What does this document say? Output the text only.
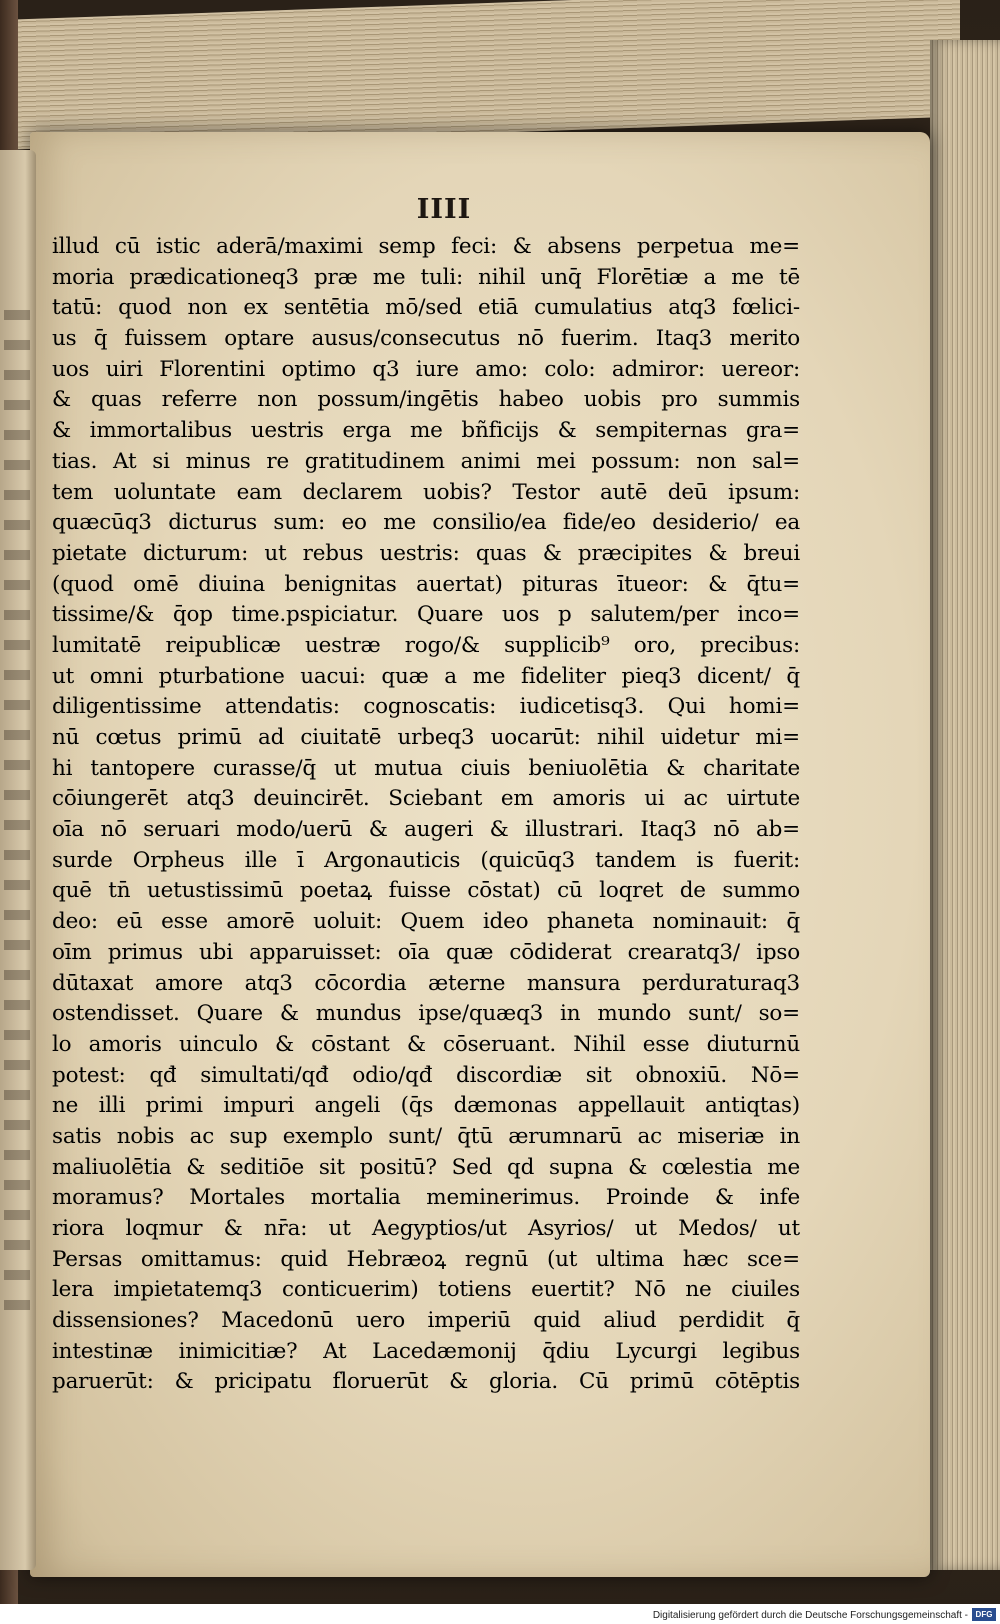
IIII
illud cū istic aderā/maximi semp feci: & absens perpetua me=
moria prædicationeq3 præ me tuli: nihil unq̄ Florētiæ a me tē
tatū: quod non ex sentētia mō/sed etiā cumulatius atq3 fœlici-
us q̄ fuissem optare ausus/consecutus nō fuerim. Itaq3 merito
uos uiri Florentini optimo q3 iure amo: colo: admiror: uereor:
& quas referre non possum/ingētis habeo uobis pro summis
& immortalibus uestris erga me bñficijs & sempiternas gra=
tias. At si minus re gratitudinem animi mei possum: non sal=
tem uoluntate eam declarem uobis? Testor autē deū ipsum:
quæcūq3 dicturus sum: eo me consilio/ea fide/eo desiderio/ ea
pietate dicturum: ut rebus uestris: quas & præcipites & breui
(quod omē diuina benignitas auertat) pituras ītueor: & q̄tu=
tissime/& q̄op time.pspiciatur. Quare uos p salutem/per inco=
lumitatē reipublicæ uestræ rogo/& supplicib⁹ oro, precibus:
ut omni pturbatione uacui: quæ a me fideliter pieq3 dicent/ q̄
diligentissime attendatis: cognoscatis: iudicetisq3. Qui homi=
nū cœtus primū ad ciuitatē urbeq3 uocarūt: nihil uidetur mi=
hi tantopere curasse/q̄ ut mutua ciuis beniuolētia & charitate
cōiungerēt atq3 deuincirēt. Sciebant em amoris ui ac uirtute
oīa nō seruari modo/uerū & augeri & illustrari. Itaq3 nō ab=
surde Orpheus ille ī Argonauticis (quicūq3 tandem is fuerit:
quē tn̄ uetustissimū poetaꝝ fuisse cōstat) cū loqret de summo
deo: eū esse amorē uoluit: Quem ideo phaneta nominauit: q̄
oīm primus ubi apparuisset: oīa quæ cōdiderat crearatq3/ ipso
dūtaxat amore atq3 cōcordia æterne mansura perduraturaq3
ostendisset. Quare & mundus ipse/quæq3 in mundo sunt/ so=
lo amoris uinculo & cōstant & cōseruant. Nihil esse diuturnū
potest: qđ simultati/qđ odio/qđ discordiæ sit obnoxiū. Nō=
ne illi primi impuri angeli (q̄s dæmonas appellauit antiqtas)
satis nobis ac sup exemplo sunt/ q̄tū ærumnarū ac miseriæ in
maliuolētia & seditiōe sit positū? Sed qd supna & cœlestia me
moramus? Mortales mortalia meminerimus. Proinde & infe
riora loqmur & nr̄a: ut Aegyptios/ut Asyrios/ ut Medos/ ut
Persas omittamus: quid Hebræoꝝ regnū (ut ultima hæc sce=
lera impietatemq3 conticuerim) totiens euertit? Nō ne ciuiles
dissensiones? Macedonū uero imperiū quid aliud perdidit q̄
intestinæ inimicitiæ? At Lacedæmonij q̄diu Lycurgi legibus
paruerūt: & pricipatu floruerūt & gloria. Cū primū cōtēptis
Digitalisierung gefördert durch die Deutsche Forschungsgemeinschaft - DFG
